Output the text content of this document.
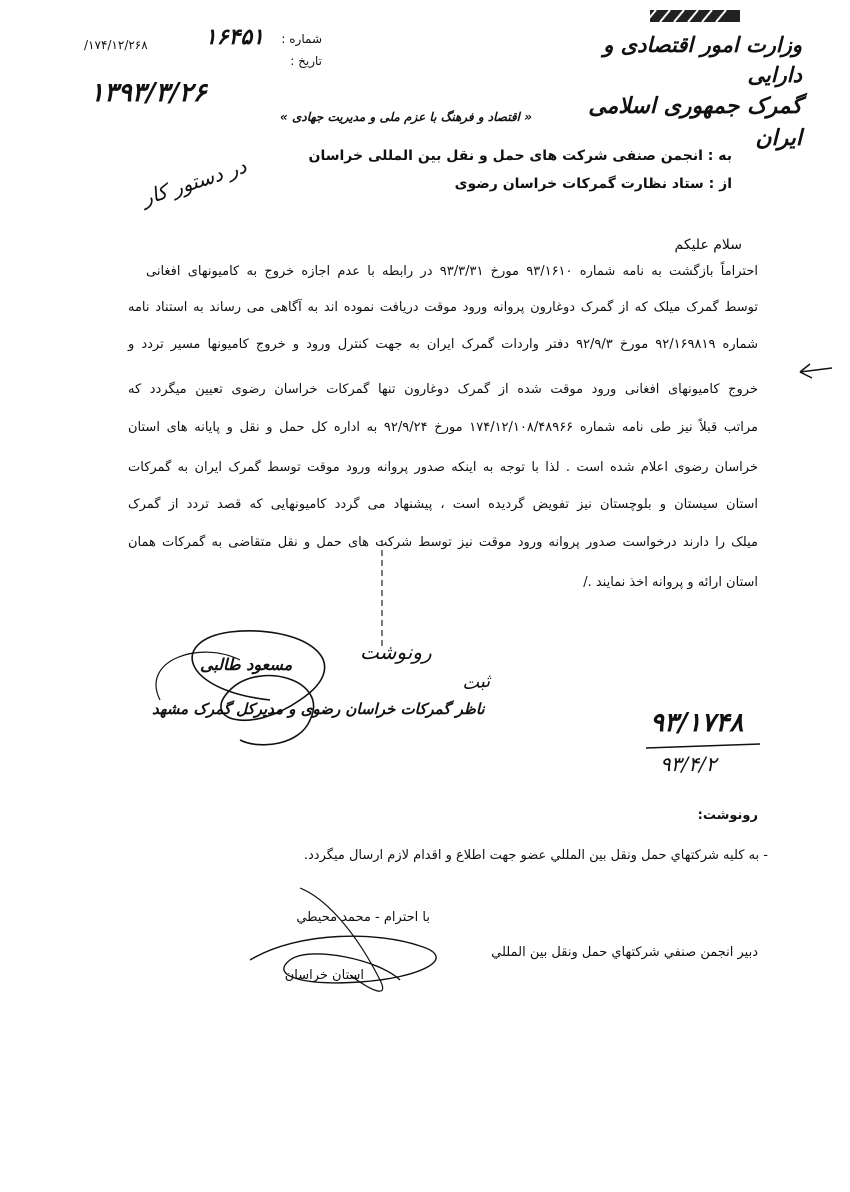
وزارت امور اقتصادی و دارایی
گمرک جمهوری اسلامی ایران
شماره :
۱۶۴۵۱
تاریخ :
۱۷۴/۱۲/۲۶۸/
۱۳۹۳/۳/۲۶
« اقتصاد و فرهنگ با عزم ملی و مدیریت جهادی »
در دستور کار	به : انجمن صنفی شرکت های حمل و نقل بین المللی خراسان
از : ستاد نظارت گمرکات خراسان رضوی
سلام علیکم
احتراماً بازگشت به نامه شماره ۹۳/۱۶۱۰ مورخ ۹۳/۳/۳۱ در رابطه با عدم اجازه خروج به کامیونهای افغانی
توسط گمرک میلک که از گمرک دوغارون پروانه ورود موقت دریافت نموده اند به آگاهی می رساند به استناد نامه
شماره ۹۲/۱۶۹۸۱۹ مورخ ۹۲/۹/۳ دفتر واردات گمرک ایران به جهت کنترل ورود و خروج کامیونها مسیر تردد و
خروج کامیونهای افغانی ورود موقت شده از گمرک دوغارون تنها گمرکات خراسان رضوی تعیین میگردد که
مراتب قبلاً نیز طی نامه شماره ۱۷۴/۱۲/۱۰۸/۴۸۹۶۶ مورخ ۹۲/۹/۲۴ به اداره کل حمل و نقل و پایانه های استان
خراسان رضوی اعلام شده است . لذا با توجه به اینکه صدور پروانه ورود موقت توسط گمرک ایران به گمرکات
استان سیستان و بلوچستان نیز تفویض گردیده است ، پیشنهاد می گردد کامیونهایی که قصد تردد از گمرک
میلک را دارند درخواست صدور پروانه ورود موقت نیز توسط شرکت های حمل و نقل متقاضی به گمرکات همان
استان ارائه و پروانه اخذ نمایند ./
مسعود طالبی
ناظر گمرکات خراسان رضوی و مدیرکل گمرک مشهد
رونوشت
ثبت
۹۳/۱۷۴۸
۹۳/۴/۲
رونوشت:
- به كليه شركتهاي حمل ونقل بين المللي عضو جهت اطلاع و اقدام لازم ارسال ميگردد.
با احترام - محمد محيطي
دبير انجمن صنفي شركتهاي حمل ونقل بين المللي
استان خراسان
